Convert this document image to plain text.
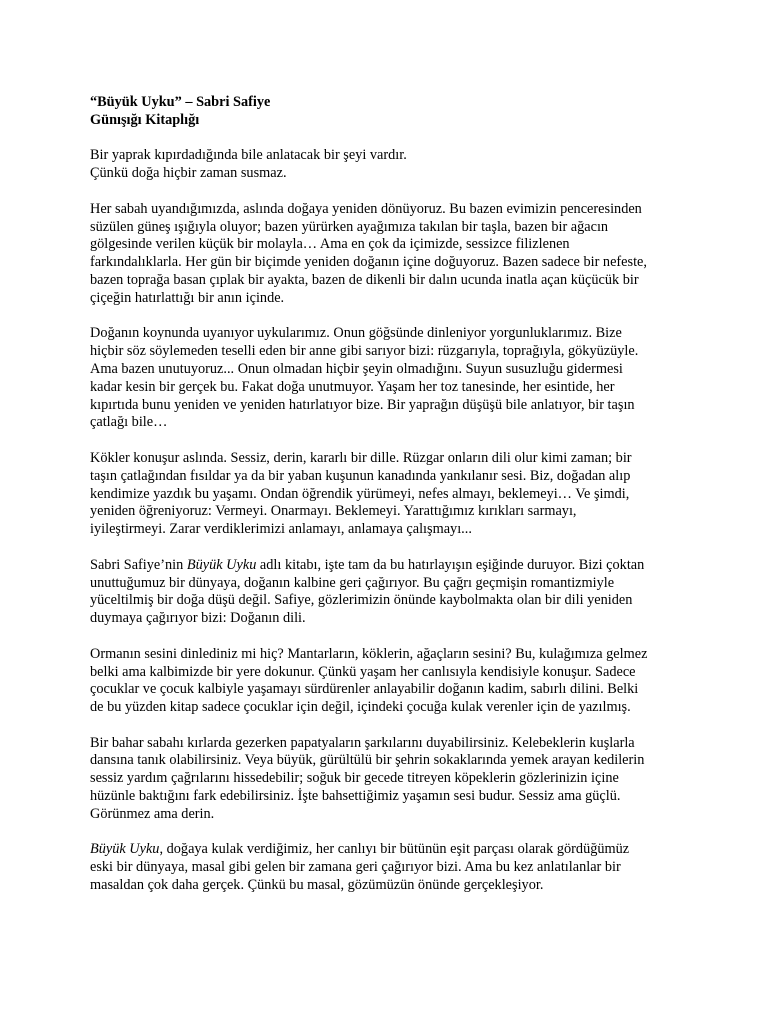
“Büyük Uyku” – Sabri Safiye
Günışığı Kitaplığı

Bir yaprak kıpırdadığında bile anlatacak bir şeyi vardır.
Çünkü doğa hiçbir zaman susmaz.

Her sabah uyandığımızda, aslında doğaya yeniden dönüyoruz. Bu bazen evimizin penceresinden
süzülen güneş ışığıyla oluyor; bazen yürürken ayağımıza takılan bir taşla, bazen bir ağacın
gölgesinde verilen küçük bir molayla… Ama en çok da içimizde, sessizce filizlenen
farkındalıklarla. Her gün bir biçimde yeniden doğanın içine doğuyoruz. Bazen sadece bir nefeste,
bazen toprağa basan çıplak bir ayakta, bazen de dikenli bir dalın ucunda inatla açan küçücük bir
çiçeğin hatırlattığı bir anın içinde.

Doğanın koynunda uyanıyor uykularımız. Onun göğsünde dinleniyor yorgunluklarımız. Bize
hiçbir söz söylemeden teselli eden bir anne gibi sarıyor bizi: rüzgarıyla, toprağıyla, gökyüzüyle.
Ama bazen unutuyoruz... Onun olmadan hiçbir şeyin olmadığını. Suyun susuzluğu gidermesi
kadar kesin bir gerçek bu. Fakat doğa unutmuyor. Yaşam her toz tanesinde, her esintide, her
kıpırtıda bunu yeniden ve yeniden hatırlatıyor bize. Bir yaprağın düşüşü bile anlatıyor, bir taşın
çatlağı bile…

Kökler konuşur aslında. Sessiz, derin, kararlı bir dille. Rüzgar onların dili olur kimi zaman; bir
taşın çatlağından fısıldar ya da bir yaban kuşunun kanadında yankılanır sesi. Biz, doğadan alıp
kendimize yazdık bu yaşamı. Ondan öğrendik yürümeyi, nefes almayı, beklemeyi… Ve şimdi,
yeniden öğreniyoruz: Vermeyi. Onarmayı. Beklemeyi. Yarattığımız kırıkları sarmayı,
iyileştirmeyi. Zarar verdiklerimizi anlamayı, anlamaya çalışmayı...

Sabri Safiye’nin Büyük Uyku adlı kitabı, işte tam da bu hatırlayışın eşiğinde duruyor. Bizi çoktan
unuttuğumuz bir dünyaya, doğanın kalbine geri çağırıyor. Bu çağrı geçmişin romantizmiyle
yüceltilmiş bir doğa düşü değil. Safiye, gözlerimizin önünde kaybolmakta olan bir dili yeniden
duymaya çağırıyor bizi: Doğanın dili.

Ormanın sesini dinlediniz mi hiç? Mantarların, köklerin, ağaçların sesini? Bu, kulağımıza gelmez
belki ama kalbimizde bir yere dokunur. Çünkü yaşam her canlısıyla kendisiyle konuşur. Sadece
çocuklar ve çocuk kalbiyle yaşamayı sürdürenler anlayabilir doğanın kadim, sabırlı dilini. Belki
de bu yüzden kitap sadece çocuklar için değil, içindeki çocuğa kulak verenler için de yazılmış.

Bir bahar sabahı kırlarda gezerken papatyaların şarkılarını duyabilirsiniz. Kelebeklerin kuşlarla
dansına tanık olabilirsiniz. Veya büyük, gürültülü bir şehrin sokaklarında yemek arayan kedilerin
sessiz yardım çağrılarını hissedebilir; soğuk bir gecede titreyen köpeklerin gözlerinizin içine
hüzünle baktığını fark edebilirsiniz. İşte bahsettiğimiz yaşamın sesi budur. Sessiz ama güçlü.
Görünmez ama derin.

Büyük Uyku, doğaya kulak verdiğimiz, her canlıyı bir bütünün eşit parçası olarak gördüğümüz
eski bir dünyaya, masal gibi gelen bir zamana geri çağırıyor bizi. Ama bu kez anlatılanlar bir
masaldan çok daha gerçek. Çünkü bu masal, gözümüzün önünde gerçekleşiyor.
